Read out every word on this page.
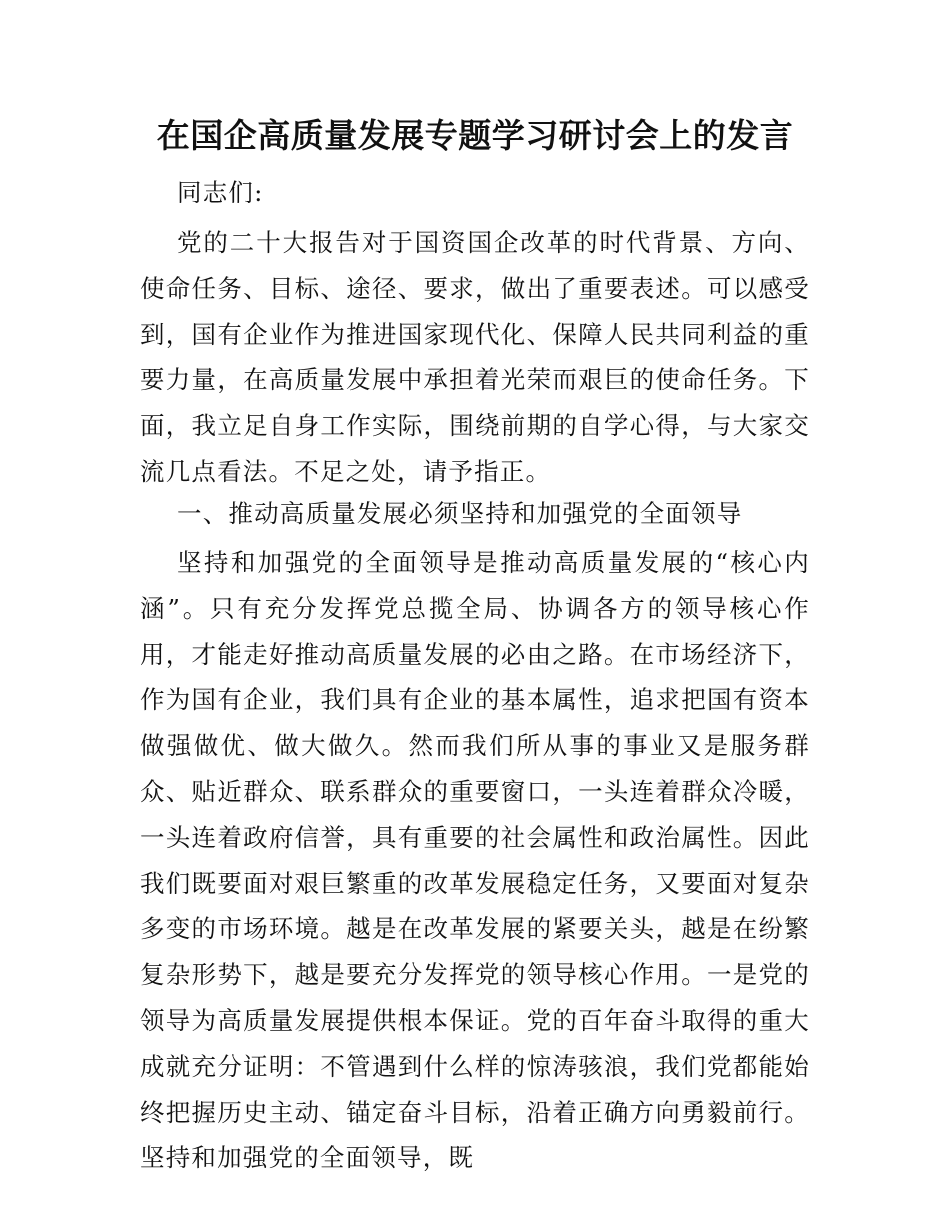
在国企高质量发展专题学习研讨会上的发言
同志们:
党的二十大报告对于国资国企改革的时代背景、方向、使命任务、目标、途径、要求，做出了重要表述。可以感受到，国有企业作为推进国家现代化、保障人民共同利益的重要力量，在高质量发展中承担着光荣而艰巨的使命任务。下面，我立足自身工作实际，围绕前期的自学心得，与大家交流几点看法。不足之处，请予指正。
一、推动高质量发展必须坚持和加强党的全面领导
坚持和加强党的全面领导是推动高质量发展的“核心内涵”。只有充分发挥党总揽全局、协调各方的领导核心作用，才能走好推动高质量发展的必由之路。在市场经济下，作为国有企业，我们具有企业的基本属性，追求把国有资本做强做优、做大做久。然而我们所从事的事业又是服务群众、贴近群众、联系群众的重要窗口，一头连着群众冷暖，一头连着政府信誉，具有重要的社会属性和政治属性。因此我们既要面对艰巨繁重的改革发展稳定任务，又要面对复杂多变的市场环境。越是在改革发展的紧要关头，越是在纷繁复杂形势下，越是要充分发挥党的领导核心作用。一是党的领导为高质量发展提供根本保证。党的百年奋斗取得的重大成就充分证明：不管遇到什么样的惊涛骇浪，我们党都能始终把握历史主动、锚定奋斗目标，沿着正确方向勇毅前行。坚持和加强党的全面领导，既
